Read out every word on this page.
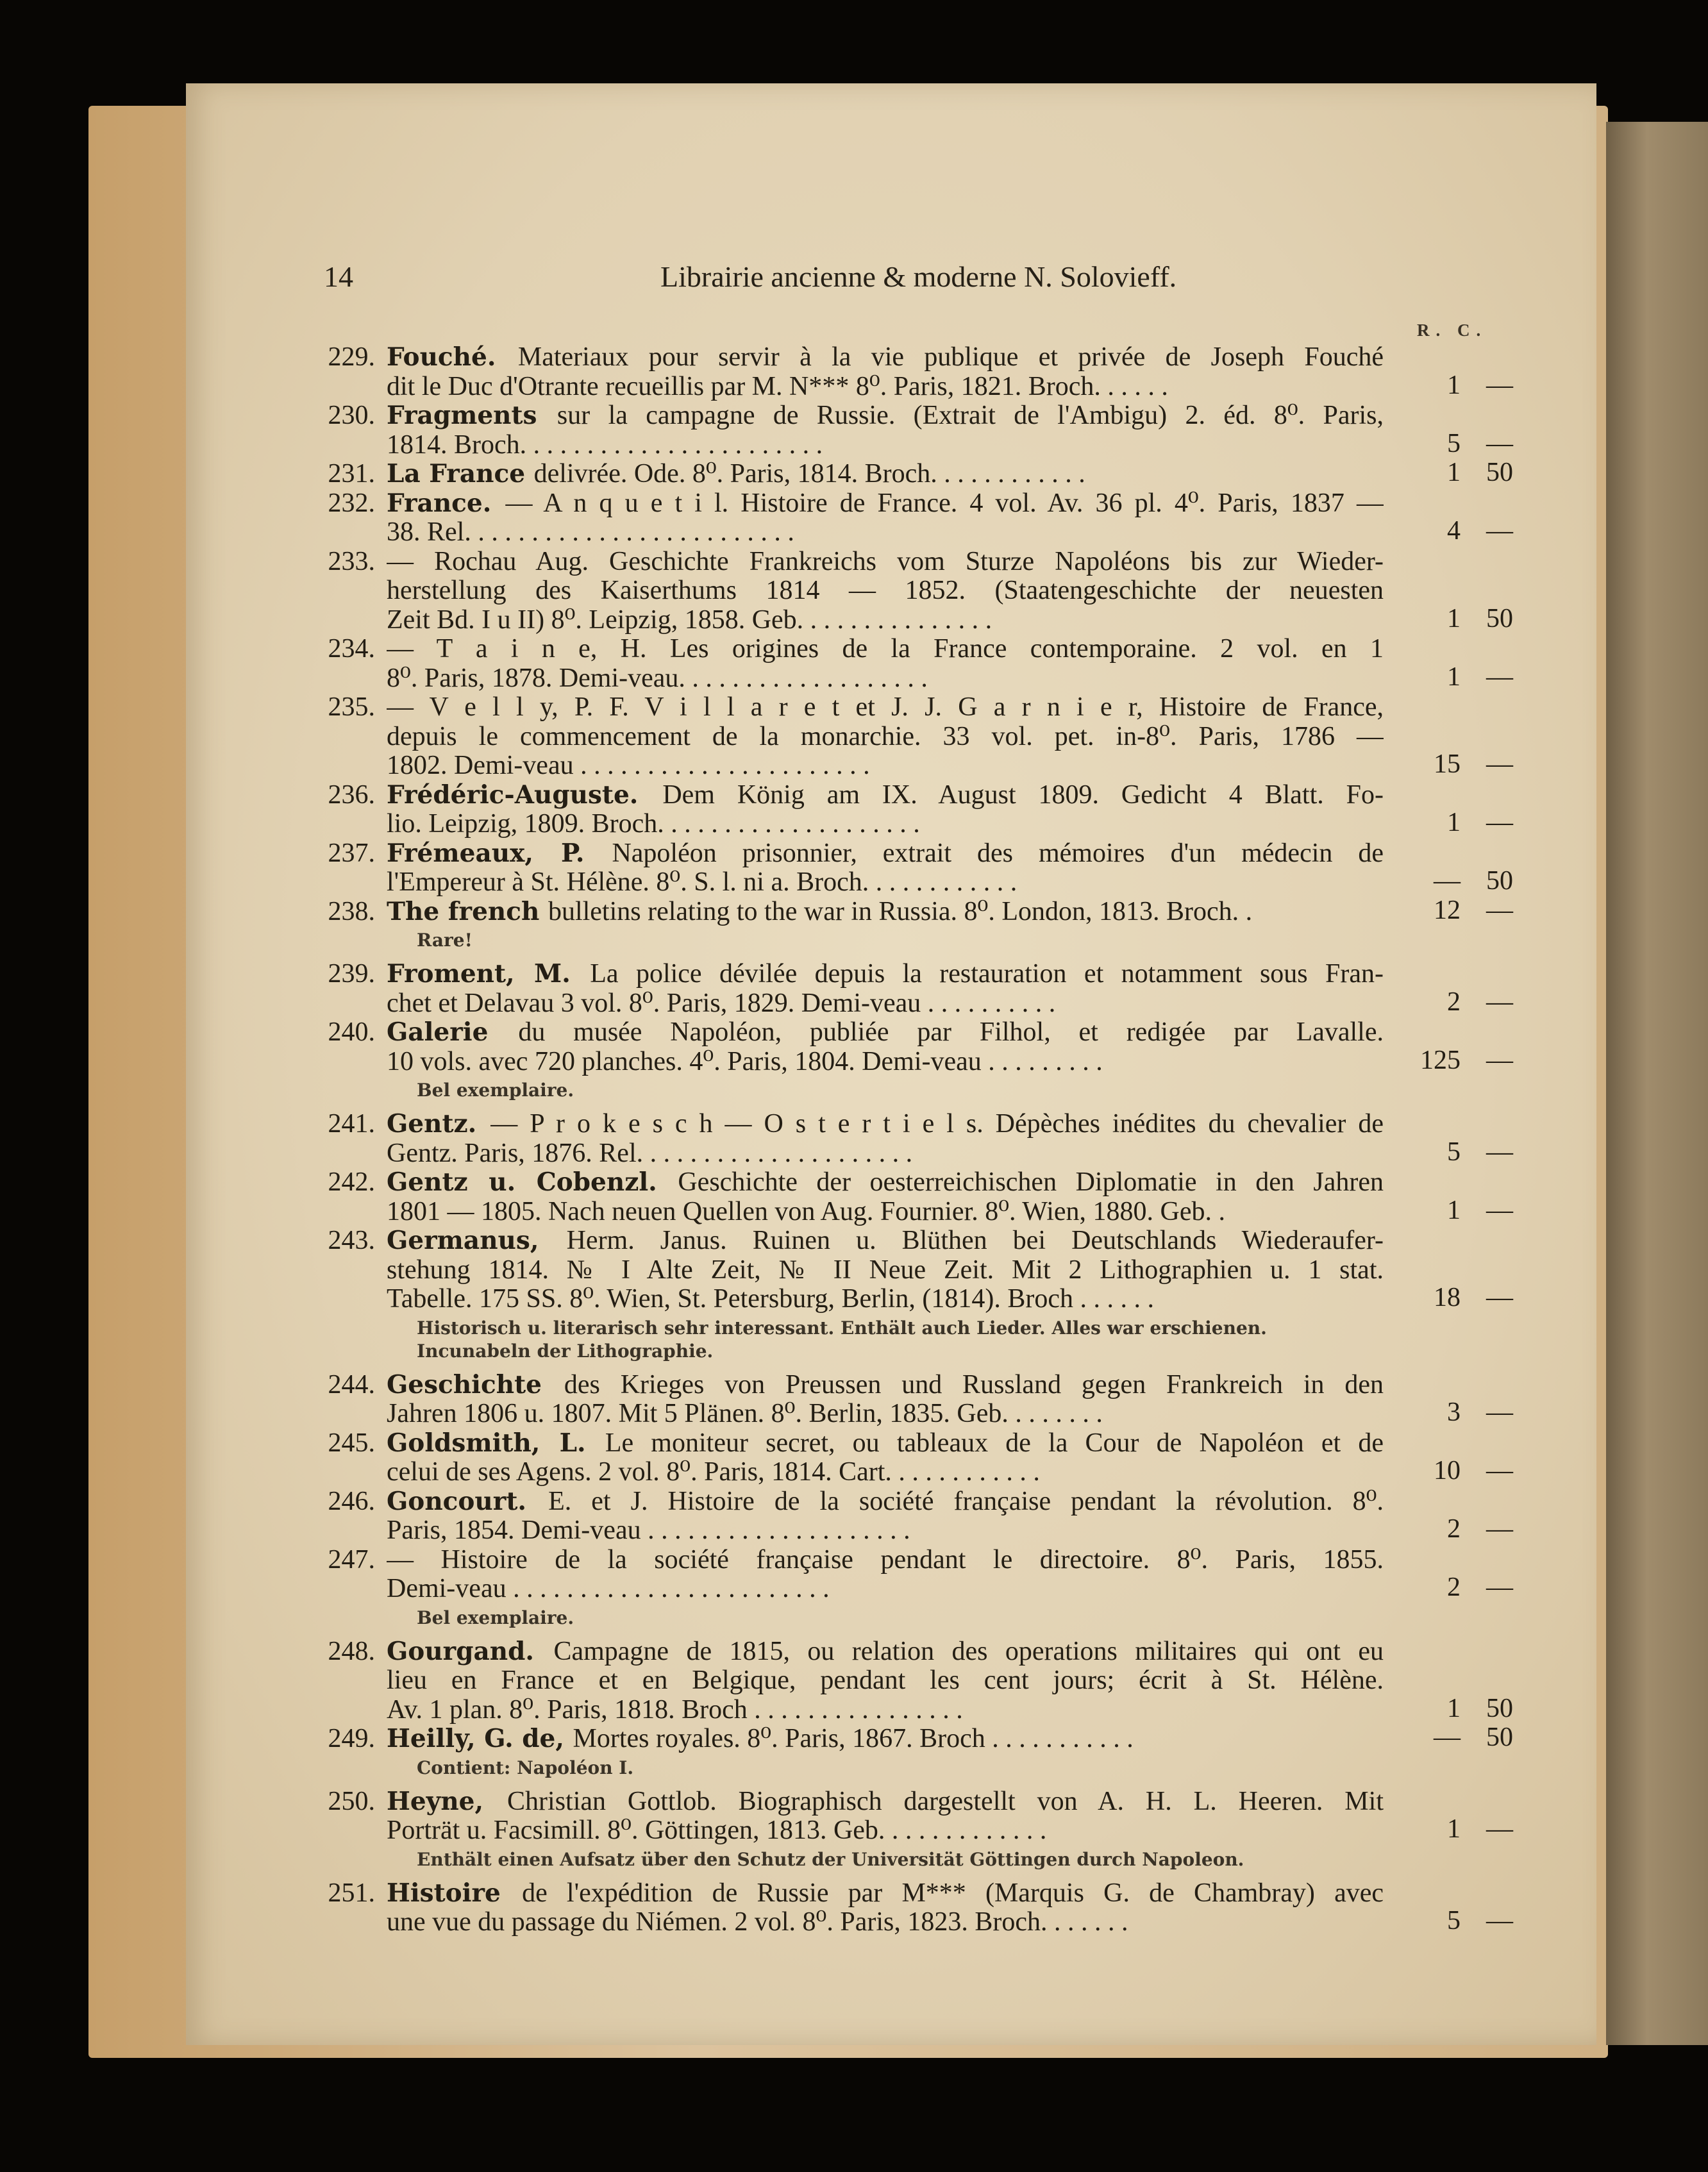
14	Librairie ancienne & moderne N. Solovieff.
R. C.
229. Fouché. Materiaux pour servir à la vie publique et privée de Joseph Fouché
dit le Duc d'Otrante recueillis par M. N*** 8⁰. Paris, 1821. Broch. . . . . .	1 —
230. Fragments sur la campagne de Russie. (Extrait de l'Ambigu) 2. éd. 8⁰. Paris,
1814. Broch. . . . . . . . . . . . . . . . . . . . . . .	5 —
231. La France delivrée. Ode. 8⁰. Paris, 1814. Broch. . . . . . . . . . . .	1 50
232. France. — A n q u e t i l. Histoire de France. 4 vol. Av. 36 pl. 4⁰. Paris, 1837 —
38. Rel. . . . . . . . . . . . . . . . . . . . . . . . .	4 —
233. — Rochau Aug. Geschichte Frankreichs vom Sturze Napoléons bis zur Wieder-
herstellung des Kaiserthums 1814 — 1852. (Staatengeschichte der neuesten
Zeit Bd. I u II) 8⁰. Leipzig, 1858. Geb. . . . . . . . . . . . . . .	1 50
234. — T a i n e, H. Les origines de la France contemporaine. 2 vol. en 1
8⁰. Paris, 1878. Demi-veau. . . . . . . . . . . . . . . . . . .	1 —
235. — V e l l y, P. F. V i l l a r e t et J. J. G a r n i e r, Histoire de France,
depuis le commencement de la monarchie. 33 vol. pet. in-8⁰. Paris, 1786 —
1802. Demi-veau . . . . . . . . . . . . . . . . . . . . . .	15 —
236. Frédéric-Auguste. Dem König am IX. August 1809. Gedicht 4 Blatt. Fo-
lio. Leipzig, 1809. Broch. . . . . . . . . . . . . . . . . . . .	1 —
237. Frémeaux, P. Napoléon prisonnier, extrait des mémoires d'un médecin de
l'Empereur à St. Hélène. 8⁰. S. l. ni a. Broch. . . . . . . . . . . .	— 50
238. The french bulletins relating to the war in Russia. 8⁰. London, 1813. Broch. .	12 —
Rare!
239. Froment, M. La police dévilée depuis la restauration et notamment sous Fran-
chet et Delavau 3 vol. 8⁰. Paris, 1829. Demi-veau . . . . . . . . . .	2 —
240. Galerie du musée Napoléon, publiée par Filhol, et redigée par Lavalle.
10 vols. avec 720 planches. 4⁰. Paris, 1804. Demi-veau . . . . . . . . .	125 —
Bel exemplaire.
241. Gentz. — P r o k e s c h — O s t e r t i e l s. Dépèches inédites du chevalier de
Gentz. Paris, 1876. Rel. . . . . . . . . . . . . . . . . . . . .	5 —
242. Gentz u. Cobenzl. Geschichte der oesterreichischen Diplomatie in den Jahren
1801 — 1805. Nach neuen Quellen von Aug. Fournier. 8⁰. Wien, 1880. Geb. .	1 —
243. Germanus, Herm. Janus. Ruinen u. Blüthen bei Deutschlands Wiederaufer-
stehung 1814. № I Alte Zeit, № II Neue Zeit. Mit 2 Lithographien u. 1 stat.
Tabelle. 175 SS. 8⁰. Wien, St. Petersburg, Berlin, (1814). Broch . . . . . .	18 —
Historisch u. literarisch sehr interessant. Enthält auch Lieder. Alles war erschienen.
Incunabeln der Lithographie.
244. Geschichte des Krieges von Preussen und Russland gegen Frankreich in den
Jahren 1806 u. 1807. Mit 5 Plänen. 8⁰. Berlin, 1835. Geb. . . . . . . .	3 —
245. Goldsmith, L. Le moniteur secret, ou tableaux de la Cour de Napoléon et de
celui de ses Agens. 2 vol. 8⁰. Paris, 1814. Cart. . . . . . . . . . . .	10 —
246. Goncourt. E. et J. Histoire de la société française pendant la révolution. 8⁰.
Paris, 1854. Demi-veau . . . . . . . . . . . . . . . . . . . .	2 —
247. — Histoire de la société française pendant le directoire. 8⁰. Paris, 1855.
Demi-veau . . . . . . . . . . . . . . . . . . . . . . . .	2 —
Bel exemplaire.
248. Gourgand. Campagne de 1815, ou relation des operations militaires qui ont eu
lieu en France et en Belgique, pendant les cent jours; écrit à St. Hélène.
Av. 1 plan. 8⁰. Paris, 1818. Broch . . . . . . . . . . . . . . . .	1 50
249. Heilly, G. de, Mortes royales. 8⁰. Paris, 1867. Broch . . . . . . . . . . .	— 50
Contient: Napoléon I.
250. Heyne, Christian Gottlob. Biographisch dargestellt von A. H. L. Heeren. Mit
Porträt u. Facsimill. 8⁰. Göttingen, 1813. Geb. . . . . . . . . . . . .	1 —
Enthält einen Aufsatz über den Schutz der Universität Göttingen durch Napoleon.
251. Histoire de l'expédition de Russie par M*** (Marquis G. de Chambray) avec
une vue du passage du Niémen. 2 vol. 8⁰. Paris, 1823. Broch. . . . . . .	5 —
